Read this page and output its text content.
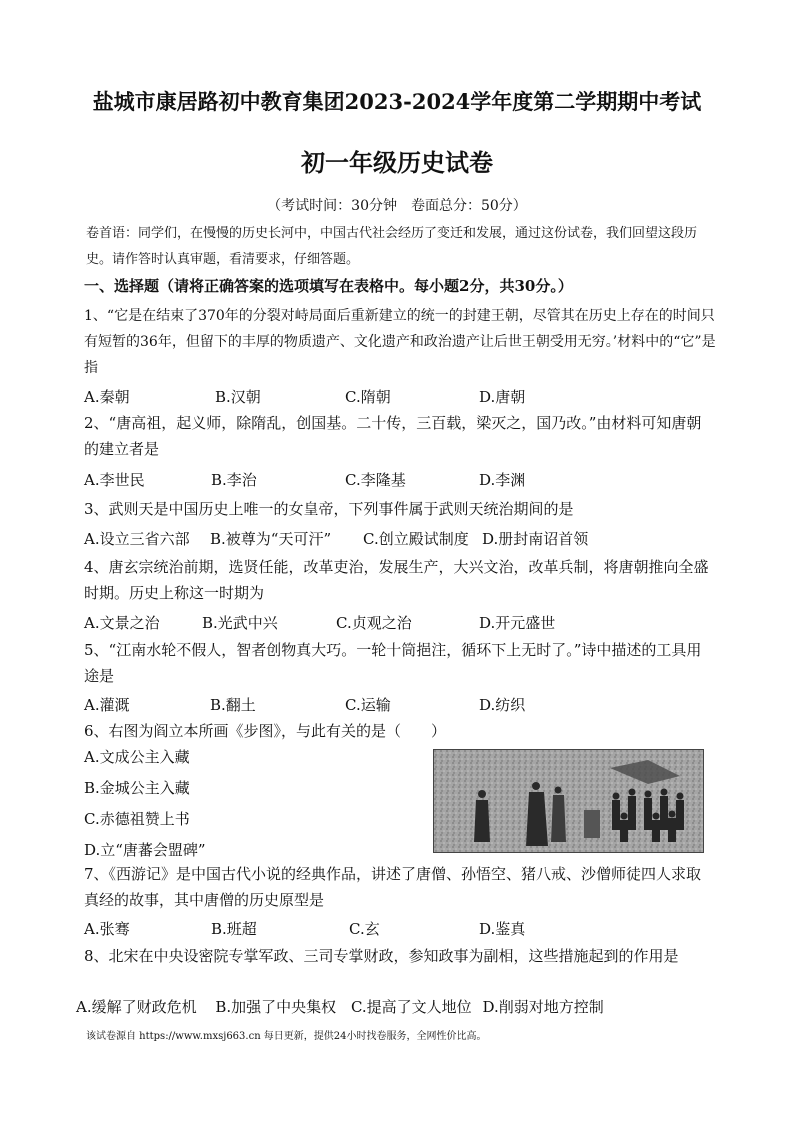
盐城市康居路初中教育集团2023-2024学年度第二学期期中考试
初一年级历史试卷
（考试时间：30分钟　卷面总分：50分）
卷首语：同学们，在慢慢的历史长河中，中国古代社会经历了变迁和发展，通过这份试卷，我们回望这段历史。请作答时认真审题，看清要求，仔细答题。
一、选择题（请将正确答案的选项填写在表格中。每小题2分，共30分。）
1、“它是在结束了370年的分裂对峙局面后重新建立的统一的封建王朝，尽管其在历史上存在的时间只有短暂的36年，但留下的丰厚的物质遗产、文化遗产和政治遗产让后世王朝受用无穷。’材料中的“它”是指
A.秦朝	B.汉朝	C.隋朝	D.唐朝
2、“唐高祖，起义师，除隋乱，创国基。二十传，三百载，梁灭之，国乃改。”由材料可知唐朝的建立者是
A.李世民	B.李治	C.李隆基	D.李渊
3、武则天是中国历史上唯一的女皇帝，下列事件属于武则天统治期间的是
A.设立三省六部 B.被尊为“天可汗” C.创立殿试制度 D.册封南诏首领
4、唐玄宗统治前期，选贤任能，改革吏治，发展生产，大兴文治，改革兵制，将唐朝推向全盛时期。历史上称这一时期为
A.文景之治	B.光武中兴	C.贞观之治	D.开元盛世
5、“江南水轮不假人，智者创物真大巧。一轮十筒挹注，循环下上无时了。”诗中描述的工具用途是
A.灌溉	B.翻土	C.运输	D.纺织
6、右图为阎立本所画《步图》，与此有关的是（　　）
A.文成公主入藏
B.金城公主入藏
C.赤德祖赞上书
D.立“唐蕃会盟碑”
7、《西游记》是中国古代小说的经典作品，讲述了唐僧、孙悟空、猪八戒、沙僧师徒四人求取真经的故事，其中唐僧的历史原型是
A.张骞	B.班超	C.玄	D.鉴真
8、北宋在中央设密院专掌军政、三司专掌财政，参知政事为副相，这些措施起到的作用是
A.缓解了财政危机 B.加强了中央集权 C.提高了文人地位 D.削弱对地方控制
该试卷源自 https://www.mxsj663.cn 每日更新，提供24小时找卷服务，全网性价比高。
